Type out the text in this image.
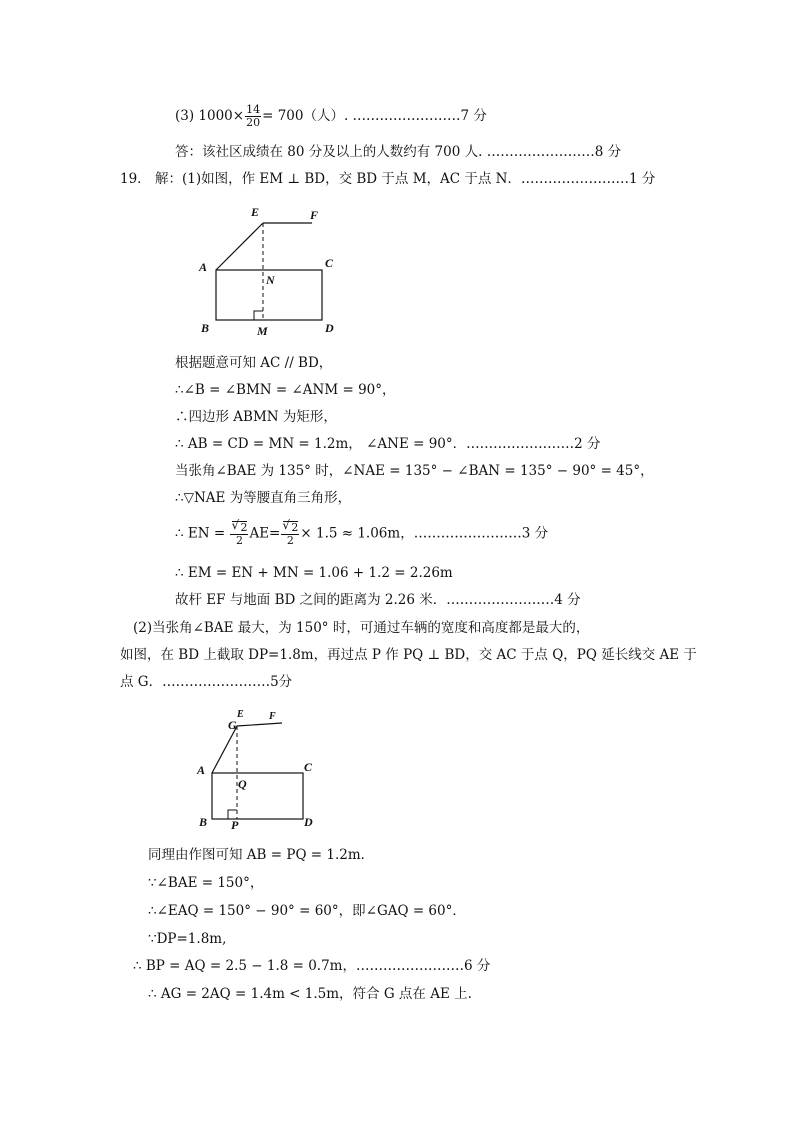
(3) $1000\times \frac{14}{20} = 700$（人）. ……………………7 分
答：该社区成绩在 80 分及以上的人数约有 700 人. ……………………8 分
19． 解：(1)如图，作 EM ⊥ BD，交 BD 于点 M，AC 于点 N．……………………1 分
E	F
A
N
C
B	M	D
根据题意可知 AC // BD，
∴∠B = ∠BMN = ∠ANM = 90°，
∴四边形 ABMN 为矩形，
∴ AB = CD = MN = 1.2m， ∠ANE = 90°．……………………2 分
当张角∠BAE 为 135° 时，∠NAE = 135° − ∠BAN = 135° − 90° = 45°，
∴▽NAE 为等腰直角三角形，
∴ EN = √ $\frac{2}{2} AE=$ √ $\frac{2}{2} \times 1.5 \approx 1.06m$，……………………3 分
∴ EM = EN + MN = 1.06 + 1.2 = 2.26m
故杆 EF 与地面 BD 之间的距离为 2.26 米．……………………4 分
(2)当张角∠BAE 最大，为 150° 时，可通过车辆的宽度和高度都是最大的，
如图，在 BD 上截取 DP=1.8m，再过点 P 作 PQ ⊥ BD，交 AC 于点 Q，PQ 延长线交 AE 于
点 G．……………………5分
E
G
F
A
Q
C
B P	D
同理由作图可知 AB = PQ = 1.2m．
∵∠BAE = 150°，
∴∠EAQ = 150° − 90° = 60°，即∠GAQ = 60°．
∵DP=1.8m,
∴ BP = AQ = 2.5 − 1.8 = 0.7m，……………………6 分
∴ AG = 2AQ = 1.4m < 1.5m，符合 G 点在 AE 上.
